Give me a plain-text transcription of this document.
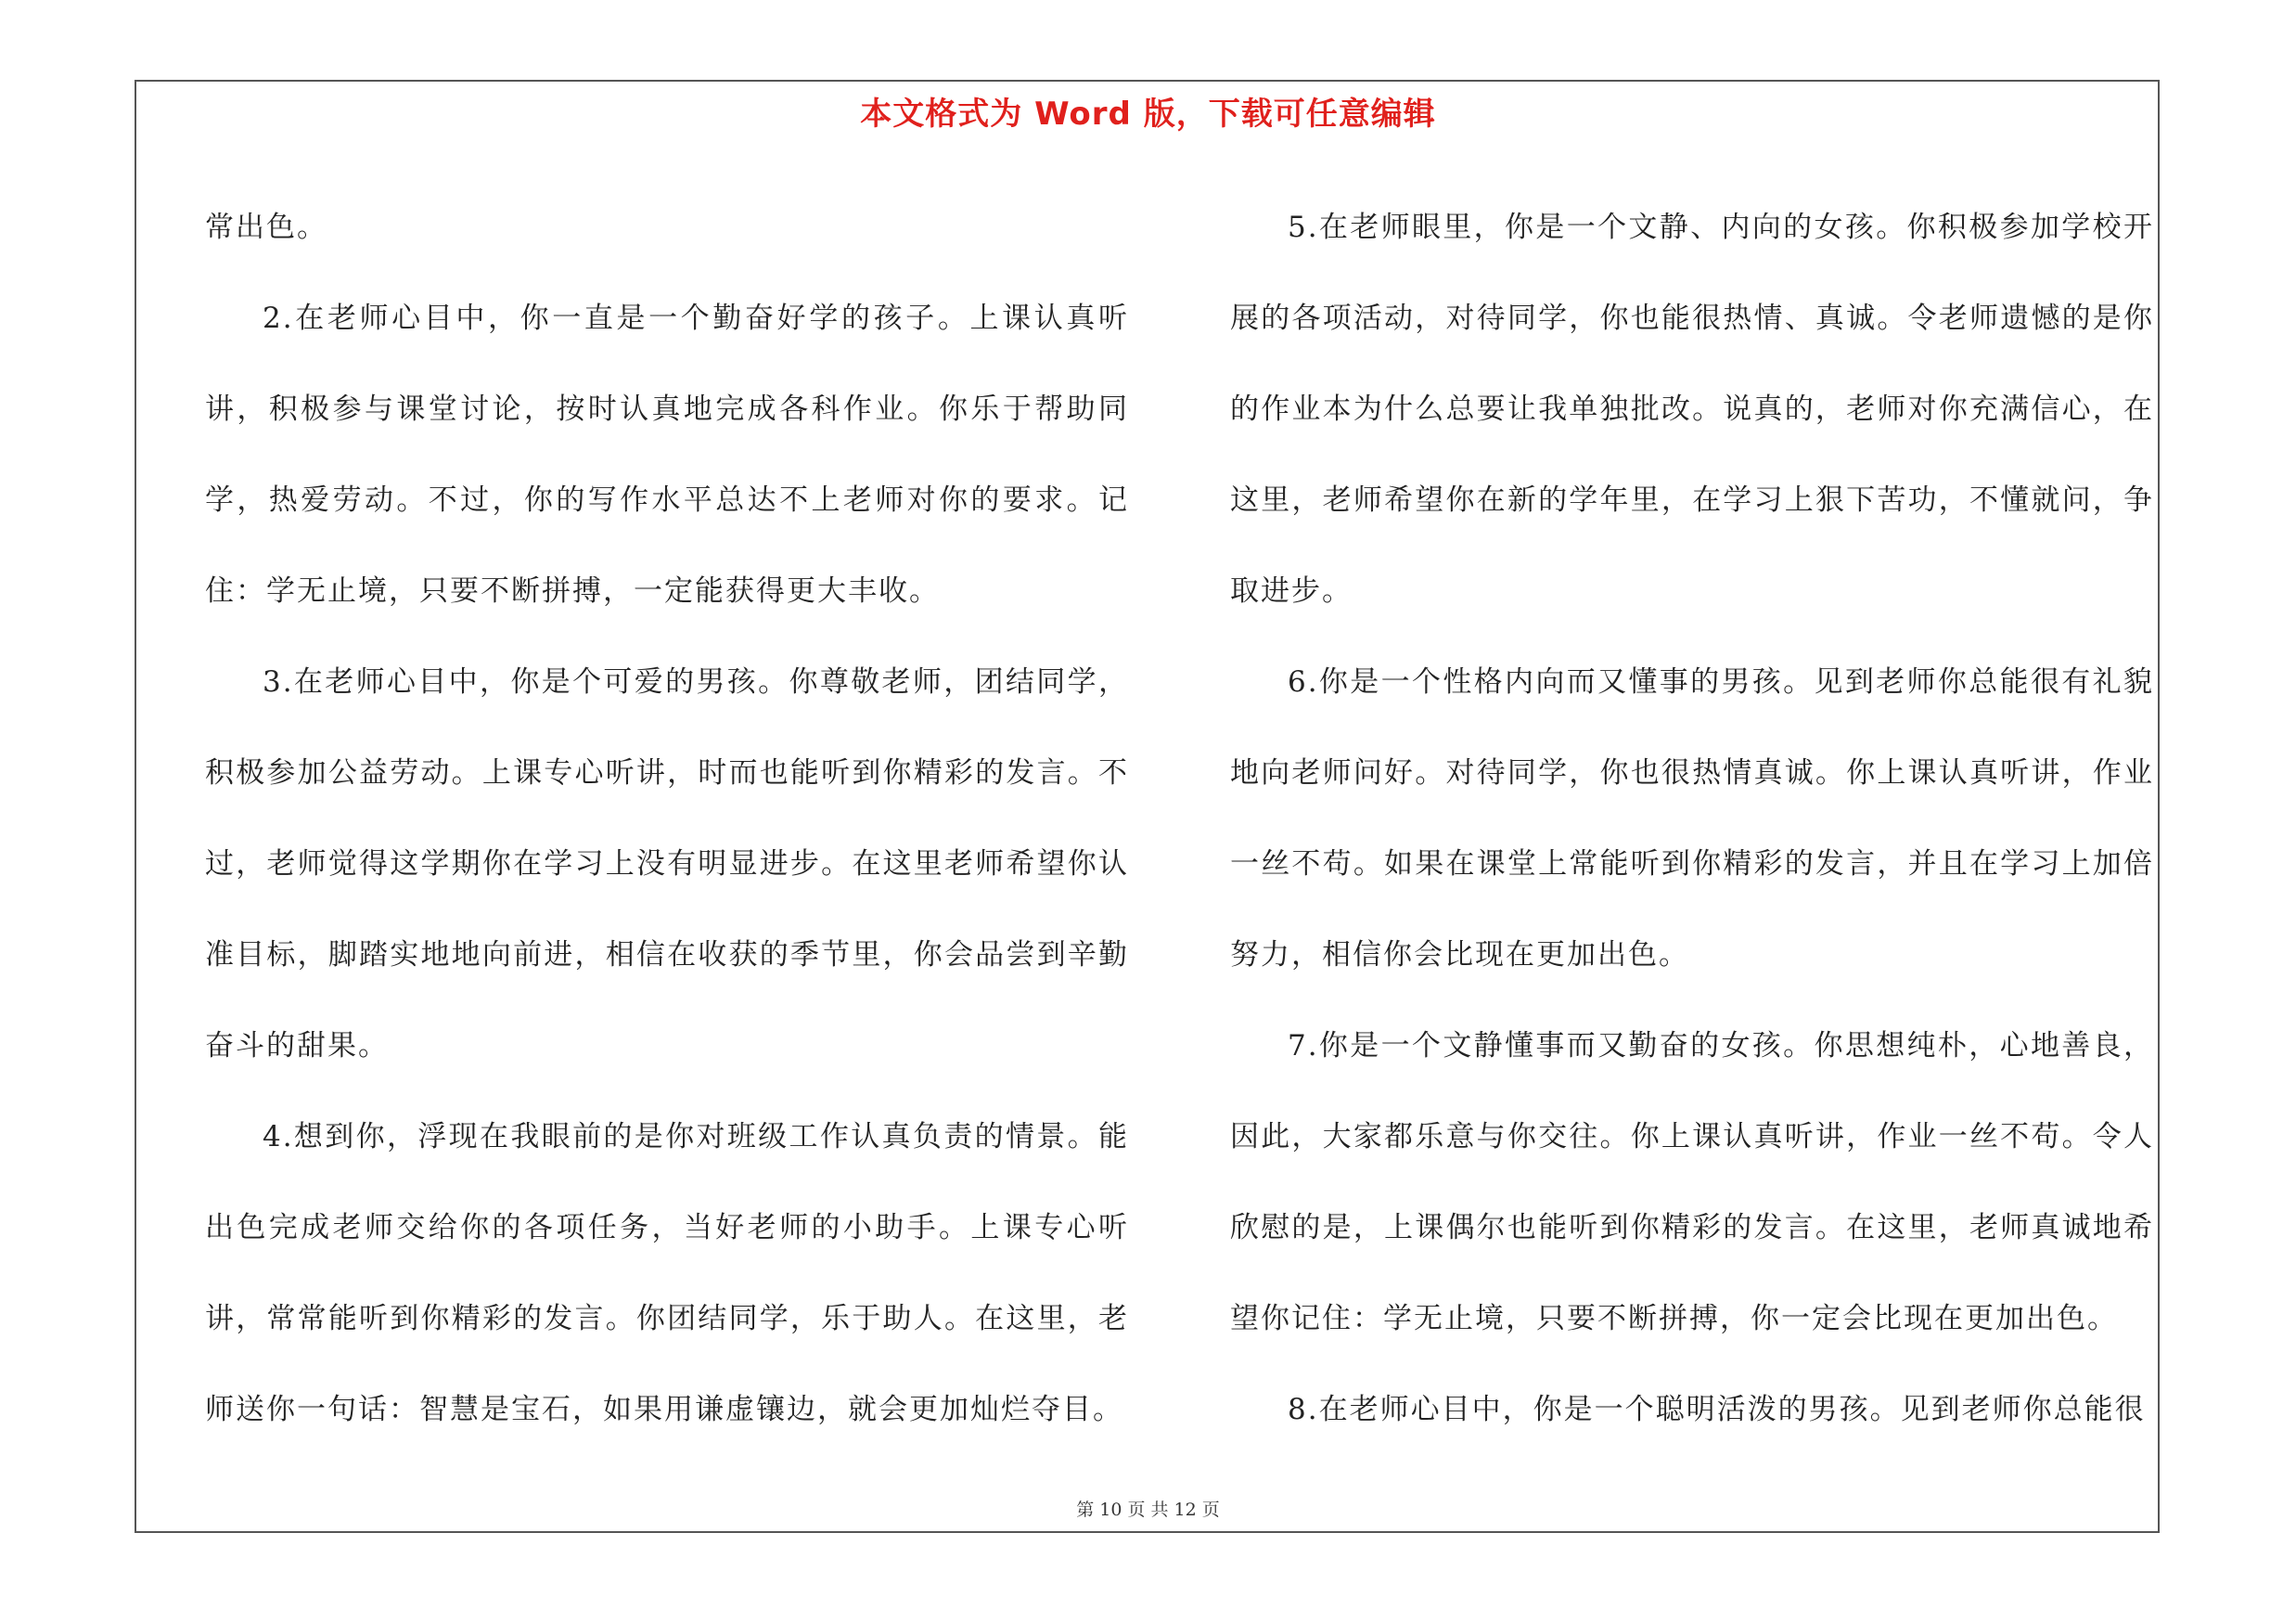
本文格式为 Word 版，下载可任意编辑

常出色。

2.在老师心目中，你一直是一个勤奋好学的孩子。上课认真听讲，积极参与课堂讨论，按时认真地完成各科作业。你乐于帮助同学，热爱劳动。不过，你的写作水平总达不上老师对你的要求。记住：学无止境，只要不断拼搏，一定能获得更大丰收。

3.在老师心目中，你是个可爱的男孩。你尊敬老师，团结同学，积极参加公益劳动。上课专心听讲，时而也能听到你精彩的发言。不过，老师觉得这学期你在学习上没有明显进步。在这里老师希望你认准目标，脚踏实地地向前进，相信在收获的季节里，你会品尝到辛勤奋斗的甜果。

4.想到你，浮现在我眼前的是你对班级工作认真负责的情景。能出色完成老师交给你的各项任务，当好老师的小助手。上课专心听讲，常常能听到你精彩的发言。你团结同学，乐于助人。在这里，老师送你一句话：智慧是宝石，如果用谦虚镶边，就会更加灿烂夺目。

5.在老师眼里，你是一个文静、内向的女孩。你积极参加学校开展的各项活动，对待同学，你也能很热情、真诚。令老师遗憾的是你的作业本为什么总要让我单独批改。说真的，老师对你充满信心，在这里，老师希望你在新的学年里，在学习上狠下苦功，不懂就问，争取进步。

6.你是一个性格内向而又懂事的男孩。见到老师你总能很有礼貌地向老师问好。对待同学，你也很热情真诚。你上课认真听讲，作业一丝不苟。如果在课堂上常能听到你精彩的发言，并且在学习上加倍努力，相信你会比现在更加出色。

7.你是一个文静懂事而又勤奋的女孩。你思想纯朴，心地善良，因此，大家都乐意与你交往。你上课认真听讲，作业一丝不苟。令人欣慰的是，上课偶尔也能听到你精彩的发言。在这里，老师真诚地希望你记住：学无止境，只要不断拼搏，你一定会比现在更加出色。

8.在老师心目中，你是一个聪明活泼的男孩。见到老师你总能很

第 10 页 共 12 页
